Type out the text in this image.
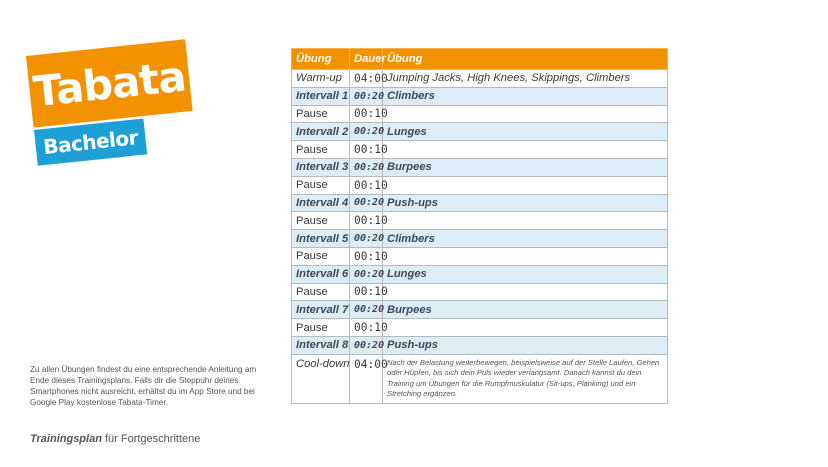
Tabata
Bachelor
Zu allen Übungen findest du eine entsprechende Anleitung am Ende dieses Trainingsplans. Falls dir die Stoppuhr deines Smartphones nicht ausreicht, erhältst du im App Store und bei Google Play kostenlose Tabata-Timer.
Trainingsplan für Fortgeschrittene
Übung	Dauer	Übung
Warm-up	04:00	Jumping Jacks, High Knees, Skippings, Climbers
Intervall 1	00:20	Climbers
Pause	00:10	
Intervall 2	00:20	Lunges
Pause	00:10	
Intervall 3	00:20	Burpees
Pause	00:10	
Intervall 4	00:20	Push-ups
Pause	00:10	
Intervall 5	00:20	Climbers
Pause	00:10	
Intervall 6	00:20	Lunges
Pause	00:10	
Intervall 7	00:20	Burpees
Pause	00:10	
Intervall 8	00:20	Push-ups
Cool-down	04:00	Nach der Belastung weiterbewegen, beispielsweise auf der Stelle Laufen, Gehen oder Hüpfen, bis sich dein Puls wieder verlangsamt. Danach kannst du dein Training um Übungen für die Rumpfmuskulatur (Sit-ups, Planking) und ein Stretching ergänzen.
